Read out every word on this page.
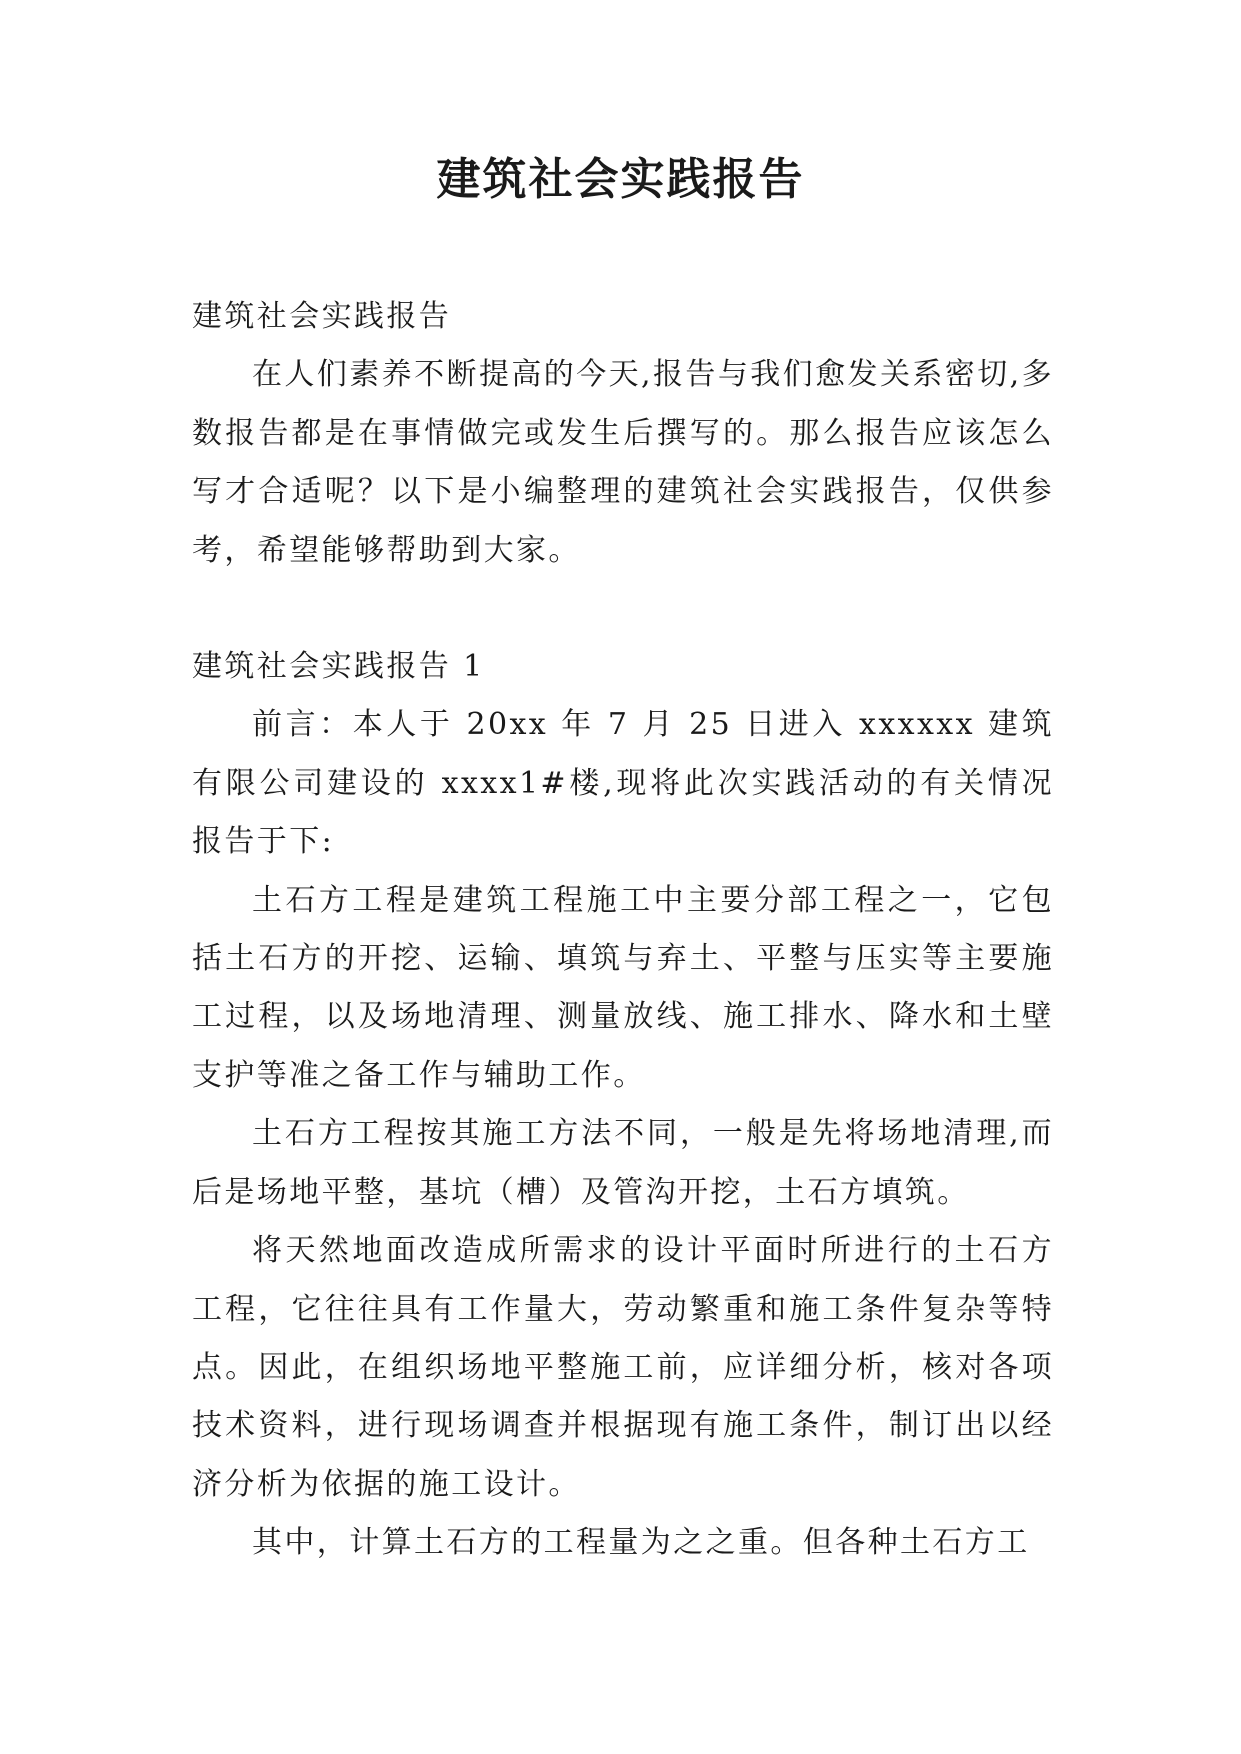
建筑社会实践报告

建筑社会实践报告

在人们素养不断提高的今天,报告与我们愈发关系密切,多数报告都是在事情做完或发生后撰写的。那么报告应该怎么写才合适呢？以下是小编整理的建筑社会实践报告，仅供参考，希望能够帮助到大家。

建筑社会实践报告 1

前言：本人于 20xx 年 7 月 25 日进入 xxxxxx 建筑有限公司建设的 xxxx1#楼,现将此次实践活动的有关情况报告于下:

土石方工程是建筑工程施工中主要分部工程之一，它包括土石方的开挖、运输、填筑与弃土、平整与压实等主要施工过程，以及场地清理、测量放线、施工排水、降水和土壁支护等准之备工作与辅助工作。

土石方工程按其施工方法不同，一般是先将场地清理,而后是场地平整，基坑（槽）及管沟开挖，土石方填筑。

将天然地面改造成所需求的设计平面时所进行的土石方工程，它往往具有工作量大，劳动繁重和施工条件复杂等特点。因此，在组织场地平整施工前，应详细分析，核对各项技术资料，进行现场调查并根据现有施工条件，制订出以经济分析为依据的施工设计。

其中，计算土石方的工程量为之之重。但各种土石方工
